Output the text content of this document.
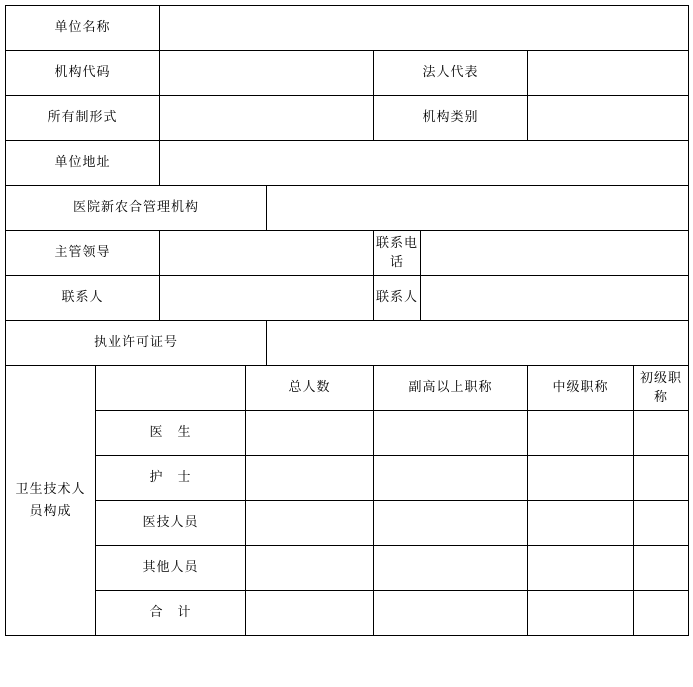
单位名称								
机构代码					法人代表			
所有制形式					机构类别			
单位地址								
医院新农合管理机构								
主管领导					联系电话			
联系人					联系人			
执业许可证号								
卫生技术人员构成			总人数		副高以上职称		中级职称	初级职称
	医　生							
	护　士							
	医技人员							
	其他人员							
	合　计							
